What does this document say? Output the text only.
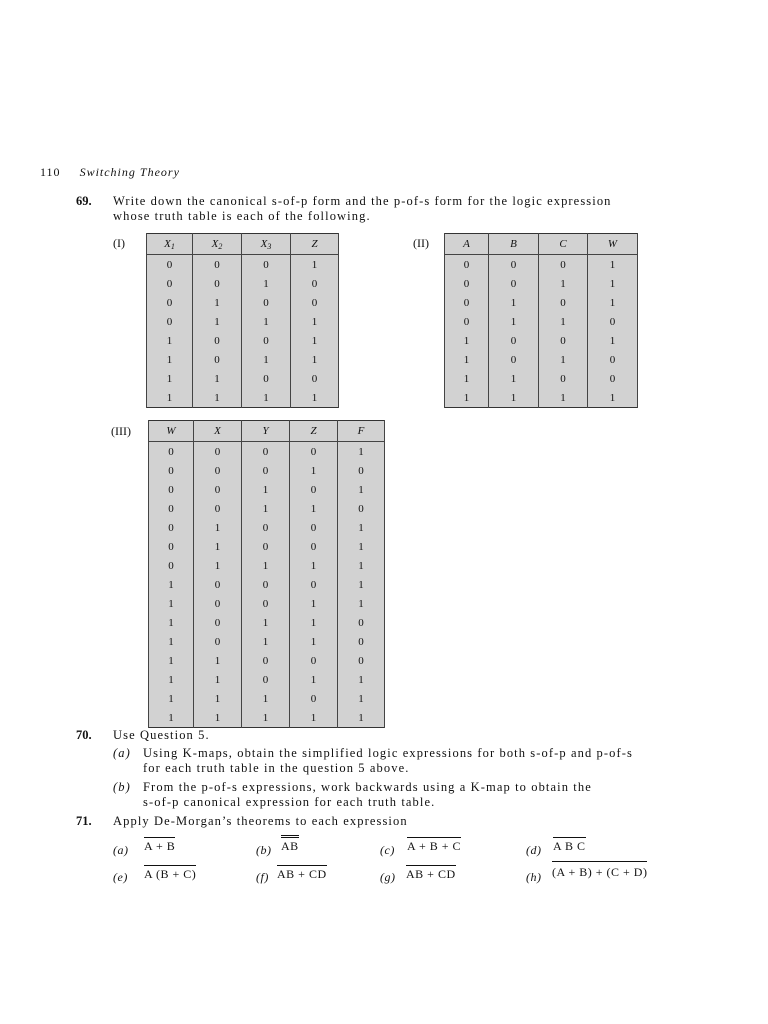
110 Switching Theory
69. Write down the canonical s-of-p form and the p-of-s form for the logic expression
whose truth table is each of the following.
(I)	$X_1$	$X_2$	$X_3$	Z
0	0	0	1
0	0	1	0
0	1	0	0
0	1	1	1
1	0	0	1
1	0	1	1
1	1	0	0
1	1	1	1
(II)	A	B	C	W
0	0	0	1
0	0	1	1
0	1	0	1
0	1	1	0
1	0	0	1
1	0	1	0
1	1	0	0
1	1	1	1
(III)	W	X	Y	Z	F
0	0	0	0	1
0	0	0	1	0
0	0	1	0	1
0	0	1	1	0
0	1	0	0	1
0	1	0	0	1
0	1	1	1	1
1	0	0	0	1
1	0	0	1	1
1	0	1	1	0
1	0	1	1	0
1	1	0	0	0
1	1	0	1	1
1	1	1	0	1
1	1	1	1	1
70. Use Question 5.
(a) Using K-maps, obtain the simplified logic expressions for both s-of-p and p-of-s
for each truth table in the question 5 above.
(b) From the p-of-s expressions, work backwards using a K-map to obtain the
s-of-p canonical expression for each truth table.
71. Apply De-Morgan’s theorems to each expression
(a) A + B	(b) AB	(c) A + B + C	(d) A B C
(e) A (B + C)	(f) AB + CD	(g) AB + CD	(h) (A + B) + (C + D)
